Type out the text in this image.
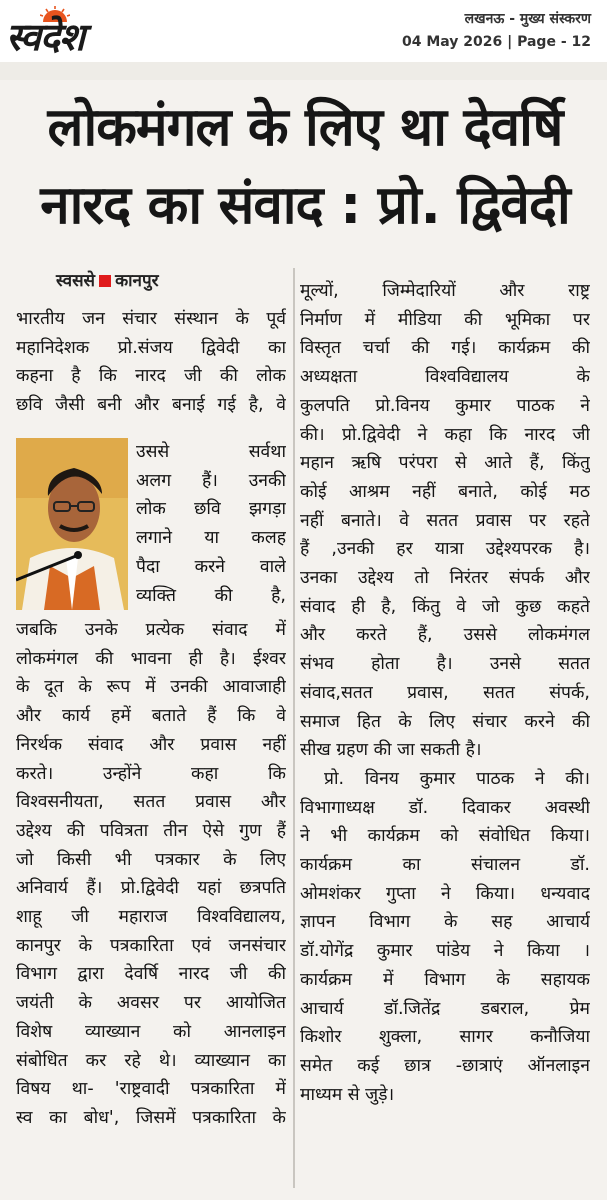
स्वदेश	लखनऊ - मुख्य संस्करण
04 May 2026 | Page - 12
लोकमंगल के लिए था देवर्षि
नारद का संवाद : प्रो. द्विवेदी
स्वससे कानपुर
भारतीय जन संचार संस्थान के पूर्व
महानिदेशक प्रो.संजय द्विवेदी का
कहना है कि नारद जी की लोक
छवि जैसी बनी और बनाई गई है, वे
उससे सर्वथा
अलग हैं। उनकी
लोक छवि झगड़ा
लगाने या कलह
पैदा करने वाले
व्यक्ति की है,
जबकि उनके प्रत्येक संवाद में
लोकमंगल की भावना ही है। ईश्वर
के दूत के रूप में उनकी आवाजाही
और कार्य हमें बताते हैं कि वे
निरर्थक संवाद और प्रवास नहीं
करते। उन्होंने कहा कि
विश्वसनीयता, सतत प्रवास और
उद्देश्य की पवित्रता तीन ऐसे गुण हैं
जो किसी भी पत्रकार के लिए
अनिवार्य हैं। प्रो.द्विवेदी यहां छत्रपति
शाहू जी महाराज विश्वविद्यालय,
कानपुर के पत्रकारिता एवं जनसंचार
विभाग द्वारा देवर्षि नारद जी की
जयंती के अवसर पर आयोजित
विशेष व्याख्यान को आनलाइन
संबोधित कर रहे थे। व्याख्यान का
विषय था- 'राष्ट्रवादी पत्रकारिता में
स्व का बोध', जिसमें पत्रकारिता के
मूल्यों, जिम्मेदारियों और राष्ट्र
निर्माण में मीडिया की भूमिका पर
विस्तृत चर्चा की गई। कार्यक्रम की
अध्यक्षता विश्वविद्यालय के
कुलपति प्रो.विनय कुमार पाठक ने
की। प्रो.द्विवेदी ने कहा कि नारद जी
महान ऋषि परंपरा से आते हैं, किंतु
कोई आश्रम नहीं बनाते, कोई मठ
नहीं बनाते। वे सतत प्रवास पर रहते
हैं ,उनकी हर यात्रा उद्देश्यपरक है।
उनका उद्देश्य तो निरंतर संपर्क और
संवाद ही है, किंतु वे जो कुछ कहते
और करते हैं, उससे लोकमंगल
संभव होता है। उनसे सतत
संवाद,सतत प्रवास, सतत संपर्क,
समाज हित के लिए संचार करने की
सीख ग्रहण की जा सकती है।
प्रो. विनय कुमार पाठक ने की।
विभागाध्यक्ष डॉ. दिवाकर अवस्थी
ने भी कार्यक्रम को संवोधित किया।
कार्यक्रम का संचालन डॉ.
ओमशंकर गुप्ता ने किया। धन्यवाद
ज्ञापन विभाग के सह आचार्य
डॉ.योगेंद्र कुमार पांडेय ने किया ।
कार्यक्रम में विभाग के सहायक
आचार्य डॉ.जितेंद्र डबराल, प्रेम
किशोर शुक्ला, सागर कनौजिया
समेत कई छात्र -छात्राएं ऑनलाइन
माध्यम से जुड़े।
